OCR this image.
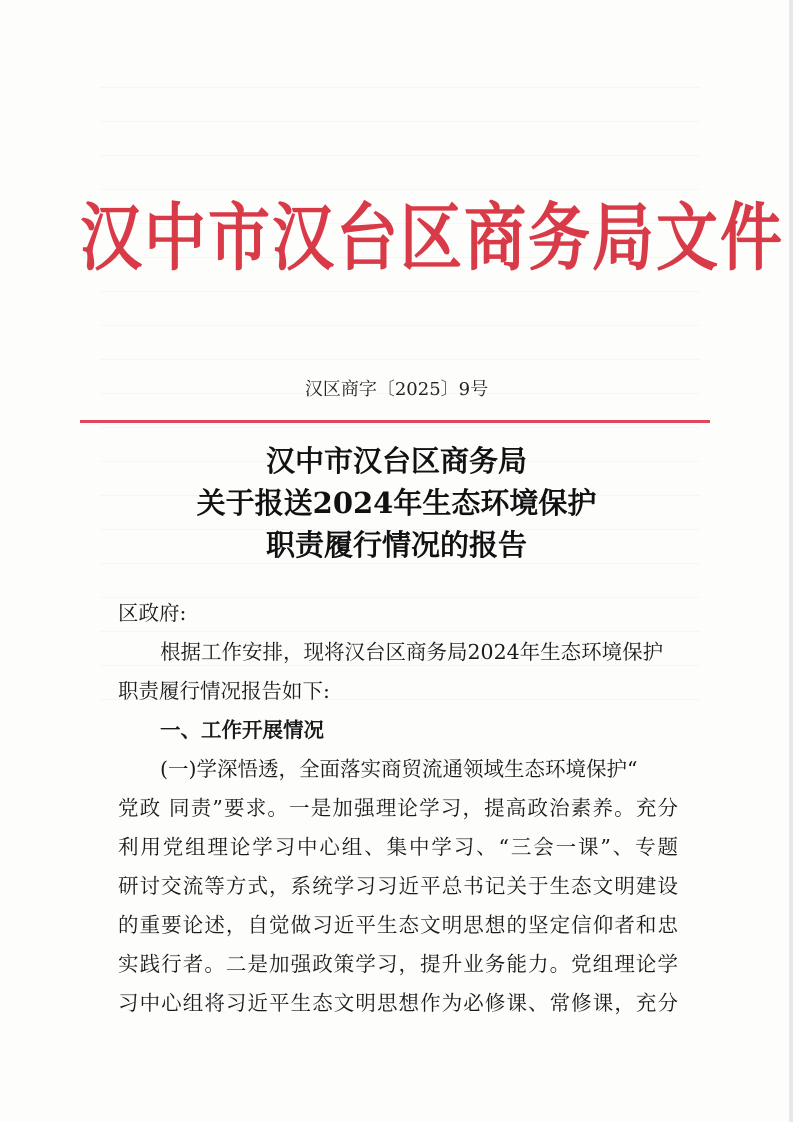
汉中市汉台区商务局文件
汉区商字〔2025〕9号
汉中市汉台区商务局
关于报送2024年生态环境保护
职责履行情况的报告
区政府:
根据工作安排，现将汉台区商务局2024年生态环境保护
职责履行情况报告如下:
一、工作开展情况
(一)学深悟透，全面落实商贸流通领域生态环境保护“
党政 同责”要求。一是加强理论学习，提高政治素养。充分
利用党组理论学习中心组、集中学习、“三会一课”、专题
研讨交流等方式，系统学习习近平总书记关于生态文明建设
的重要论述，自觉做习近平生态文明思想的坚定信仰者和忠
实践行者。二是加强政策学习，提升业务能力。党组理论学
习中心组将习近平生态文明思想作为必修课、常修课，充分
